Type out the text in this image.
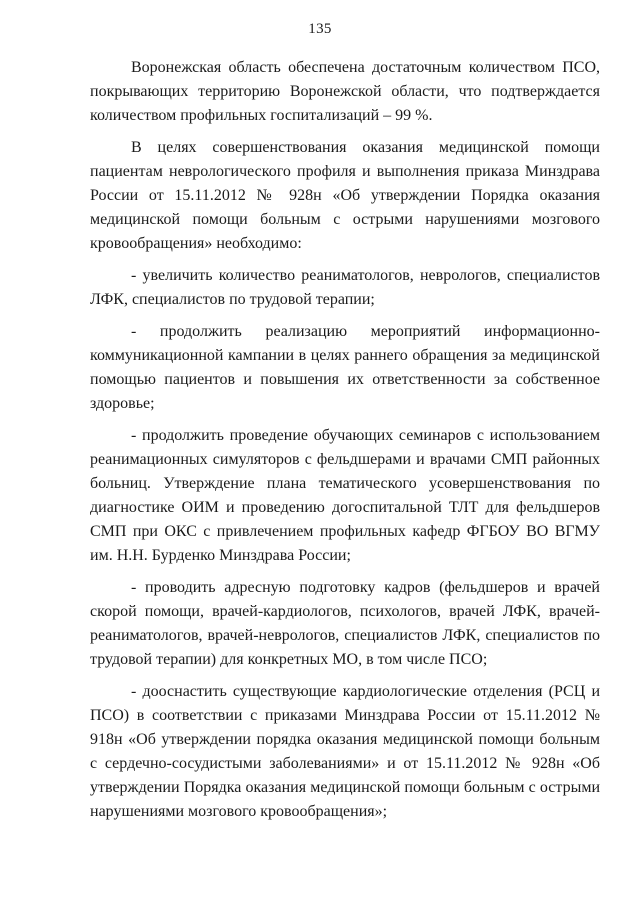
135

Воронежская область обеспечена достаточным количеством ПСО, покрывающих территорию Воронежской области, что подтверждается количеством профильных госпитализаций – 99 %.

В целях совершенствования оказания медицинской помощи пациентам неврологического профиля и выполнения приказа Минздрава России от 15.11.2012 № 928н «Об утверждении Порядка оказания медицинской помощи больным с острыми нарушениями мозгового кровообращения» необходимо:

- увеличить количество реаниматологов, неврологов, специалистов ЛФК, специалистов по трудовой терапии;

- продолжить реализацию мероприятий информационно-коммуникационной кампании в целях раннего обращения за медицинской помощью пациентов и повышения их ответственности за собственное здоровье;

- продолжить проведение обучающих семинаров с использованием реанимационных симуляторов с фельдшерами и врачами СМП районных больниц. Утверждение плана тематического усовершенствования по диагностике ОИМ и проведению догоспитальной ТЛТ для фельдшеров СМП при ОКС с привлечением профильных кафедр ФГБОУ ВО ВГМУ им. Н.Н. Бурденко Минздрава России;

- проводить адресную подготовку кадров (фельдшеров и врачей скорой помощи, врачей-кардиологов, психологов, врачей ЛФК, врачей-реаниматологов, врачей-неврологов, специалистов ЛФК, специалистов по трудовой терапии) для конкретных МО, в том числе ПСО;

- дооснастить существующие кардиологические отделения (РСЦ и ПСО) в соответствии с приказами Минздрава России от 15.11.2012 № 918н «Об утверждении порядка оказания медицинской помощи больным с сердечно-сосудистыми заболеваниями» и от 15.11.2012 № 928н «Об утверждении Порядка оказания медицинской помощи больным с острыми нарушениями мозгового кровообращения»;
